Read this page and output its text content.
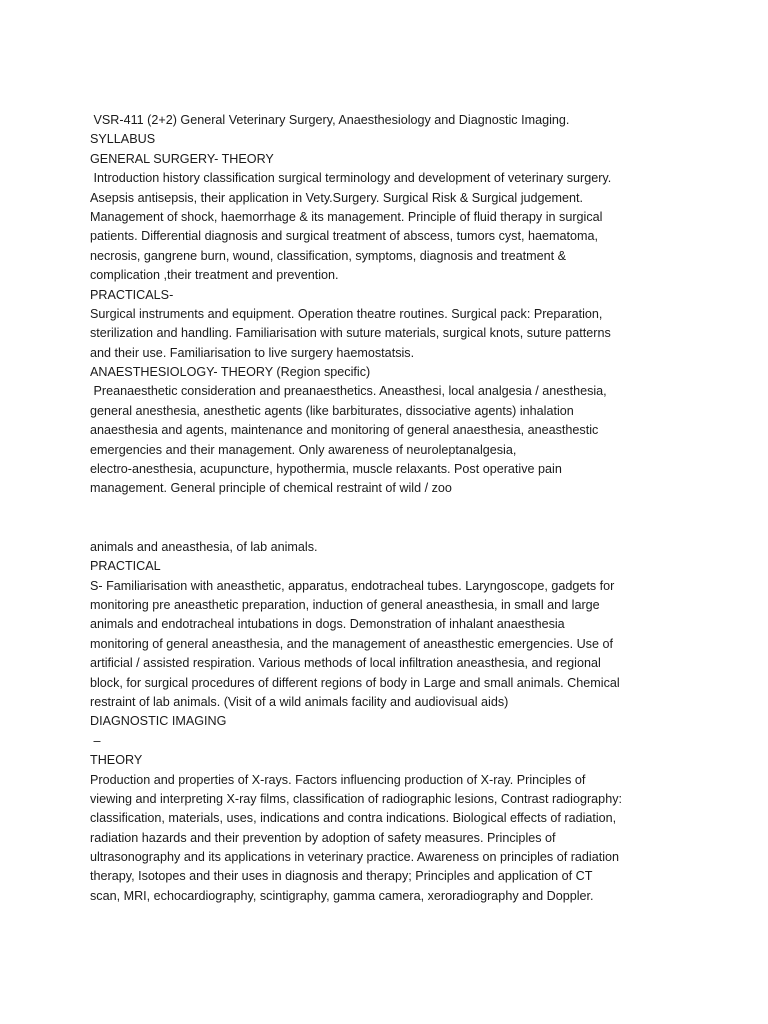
VSR-411 (2+2) General Veterinary Surgery, Anaesthesiology and Diagnostic Imaging.
SYLLABUS
GENERAL SURGERY- THEORY
Introduction history classification surgical terminology and development of veterinary surgery.
Asepsis antisepsis, their application in Vety.Surgery. Surgical Risk & Surgical judgement.
Management of shock, haemorrhage & its management. Principle of fluid therapy in surgical
patients. Differential diagnosis and surgical treatment of abscess, tumors cyst, haematoma,
necrosis, gangrene burn, wound, classification, symptoms, diagnosis and treatment &
complication ,their treatment and prevention.
PRACTICALS-
Surgical instruments and equipment. Operation theatre routines. Surgical pack: Preparation,
sterilization and handling. Familiarisation with suture materials, surgical knots, suture patterns
and their use. Familiarisation to live surgery haemostatsis.
ANAESTHESIOLOGY- THEORY (Region specific)
Preanaesthetic consideration and preanaesthetics. Aneasthesi, local analgesia / anesthesia,
general anesthesia, anesthetic agents (like barbiturates, dissociative agents) inhalation
anaesthesia and agents, maintenance and monitoring of general anaesthesia, aneasthestic
emergencies and their management. Only awareness of neuroleptanalgesia,
electro-anesthesia, acupuncture, hypothermia, muscle relaxants. Post operative pain
management. General principle of chemical restraint of wild / zoo
animals and aneasthesia, of lab animals.
PRACTICAL
S- Familiarisation with aneasthetic, apparatus, endotracheal tubes. Laryngoscope, gadgets for
monitoring pre aneasthetic preparation, induction of general aneasthesia, in small and large
animals and endotracheal intubations in dogs. Demonstration of inhalant anaesthesia
monitoring of general aneasthesia, and the management of aneasthestic emergencies. Use of
artificial / assisted respiration. Various methods of local infiltration aneasthesia, and regional
block, for surgical procedures of different regions of body in Large and small animals. Chemical
restraint of lab animals. (Visit of a wild animals facility and audiovisual aids)
DIAGNOSTIC IMAGING
–
THEORY
Production and properties of X-rays. Factors influencing production of X-ray. Principles of
viewing and interpreting X-ray films, classification of radiographic lesions, Contrast radiography:
classification, materials, uses, indications and contra indications. Biological effects of radiation,
radiation hazards and their prevention by adoption of safety measures. Principles of
ultrasonography and its applications in veterinary practice. Awareness on principles of radiation
therapy, Isotopes and their uses in diagnosis and therapy; Principles and application of CT
scan, MRI, echocardiography, scintigraphy, gamma camera, xeroradiography and Doppler.
